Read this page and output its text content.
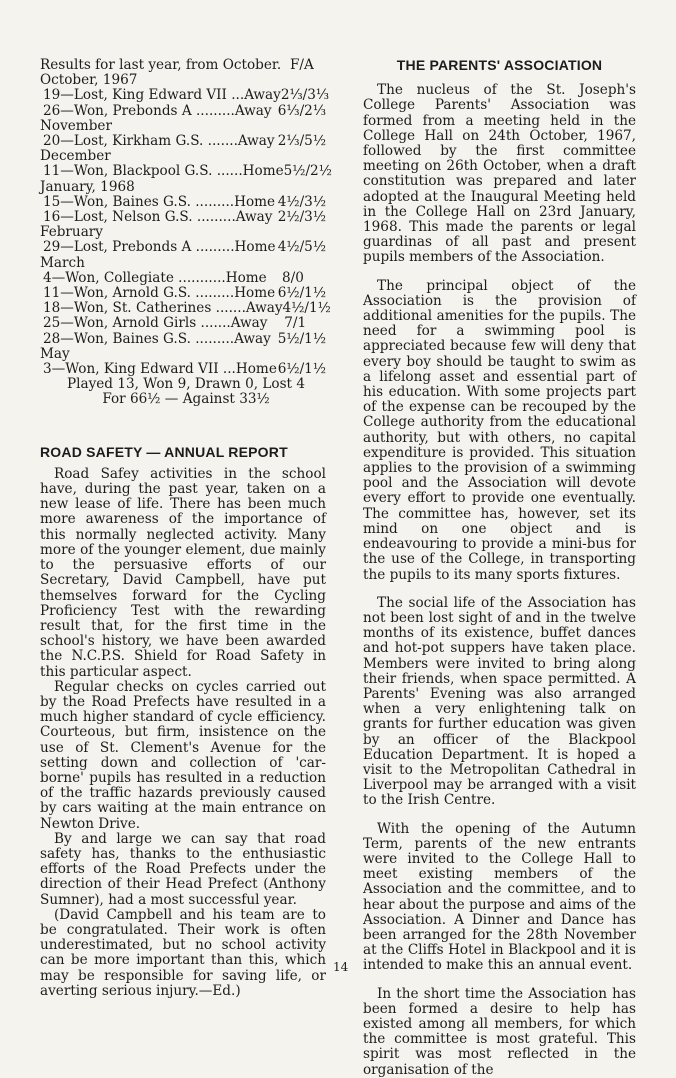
Results for last year, from October. F/A
October, 1967
19—Lost, King Edward VII ... Away 2⅓/3⅓
26—Won, Prebonds A ......... Away 6⅓/2⅓
November
20—Lost, Kirkham G.S. ....... Away 2⅓/5½
December
11—Won, Blackpool G.S. ...... Home 5½/2½
January, 1968
15—Won, Baines G.S. ......... Home 4½/3½
16—Lost, Nelson G.S. ......... Away 2½/3½
February
29—Lost, Prebonds A ......... Home 4½/5½
March
4—Won, Collegiate ........... Home	8/0
11—Won, Arnold G.S. ......... Home 6½/1½
18—Won, St. Catherines ....... Away 4½/1½
25—Won, Arnold Girls ....... Away	7/1
28—Won, Baines G.S. ......... Away 5½/1½
May
3—Won, King Edward VII ... Home 6½/1½
Played 13, Won 9, Drawn 0, Lost 4
For 66½ — Against 33½
ROAD SAFETY — ANNUAL REPORT

Road Safey activities in the school have, during the past year, taken on a new lease of life. There has been much more awareness of the importance of this normally neglected activity. Many more of the younger element, due mainly to the persuasive efforts of our Secretary, David Campbell, have put themselves forward for the Cycling Proficiency Test with the rewarding result that, for the first time in the school's history, we have been awarded the N.C.P.S. Shield for Road Safety in this particular aspect.

Regular checks on cycles carried out by the Road Prefects have resulted in a much higher standard of cycle efficiency. Courteous, but firm, insistence on the use of St. Clement's Avenue for the setting down and collection of 'car-borne' pupils has resulted in a reduction of the traffic hazards previously caused by cars waiting at the main entrance on Newton Drive.

By and large we can say that road safety has, thanks to the enthusiastic efforts of the Road Prefects under the direction of their Head Prefect (Anthony Sumner), had a most successful year.

(David Campbell and his team are to be congratulated. Their work is often underestimated, but no school activity can be more important than this, which may be responsible for saving life, or averting serious injury.—Ed.)

THE PARENTS' ASSOCIATION

The nucleus of the St. Joseph's College Parents' Association was formed from a meeting held in the College Hall on 24th October, 1967, followed by the first committee meeting on 26th October, when a draft constitution was prepared and later adopted at the Inaugural Meeting held in the College Hall on 23rd January, 1968. This made the parents or legal guardinas of all past and present pupils members of the Association.

The principal object of the Association is the provision of additional amenities for the pupils. The need for a swimming pool is appreciated because few will deny that every boy should be taught to swim as a lifelong asset and essential part of his education. With some projects part of the expense can be recouped by the College authority from the educational authority, but with others, no capital expenditure is provided. This situation applies to the provision of a swimming pool and the Association will devote every effort to provide one eventually. The committee has, however, set its mind on one object and is endeavouring to provide a mini-bus for the use of the College, in transporting the pupils to its many sports fixtures.

The social life of the Association has not been lost sight of and in the twelve months of its existence, buffet dances and hot-pot suppers have taken place. Members were invited to bring along their friends, when space permitted. A Parents' Evening was also arranged when a very enlightening talk on grants for further education was given by an officer of the Blackpool Education Department. It is hoped a visit to the Metropolitan Cathedral in Liverpool may be arranged with a visit to the Irish Centre.

With the opening of the Autumn Term, parents of the new entrants were invited to the College Hall to meet existing members of the Association and the committee, and to hear about the purpose and aims of the Association. A Dinner and Dance has been arranged for the 28th November at the Cliffs Hotel in Blackpool and it is intended to make this an annual event.

In the short time the Association has been formed a desire to help has existed among all members, for which the committee is most grateful. This spirit was most reflected in the organisation of the

14
